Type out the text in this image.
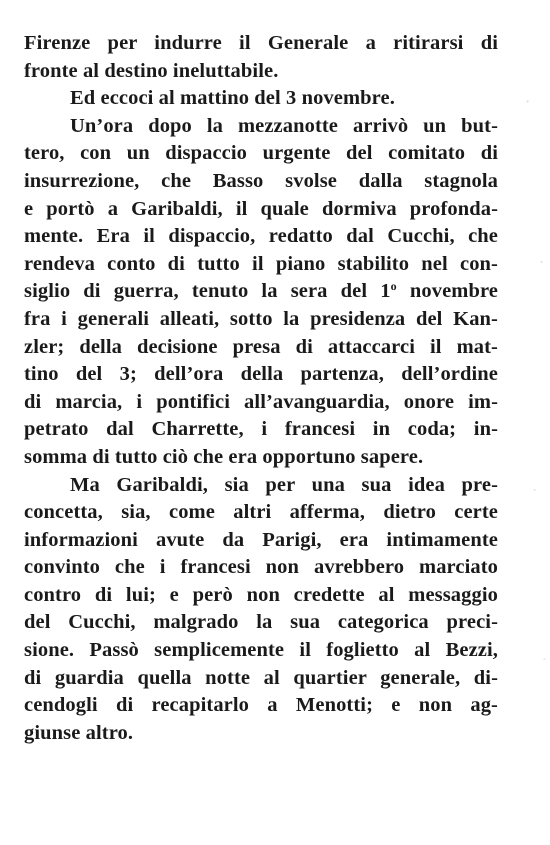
Firenze per indurre il Generale a ritirarsi di
fronte al destino ineluttabile.
Ed eccoci al mattino del 3 novembre.
Un’ora dopo la mezzanotte arrivò un but-
tero, con un dispaccio urgente del comitato di
insurrezione, che Basso svolse dalla stagnola
e portò a Garibaldi, il quale dormiva profonda-
mente. Era il dispaccio, redatto dal Cucchi, che
rendeva conto di tutto il piano stabilito nel con-
siglio di guerra, tenuto la sera del 1$^o$ novembre
fra i generali alleati, sotto la presidenza del Kan-
zler; della decisione presa di attaccarci il mat-
tino del 3; dell’ora della partenza, dell’ordine
di marcia, i pontifici all’avanguardia, onore im-
petrato dal Charrette, i francesi in coda; in-
somma di tutto ciò che era opportuno sapere.
Ma Garibaldi, sia per una sua idea pre-
concetta, sia, come altri afferma, dietro certe
informazioni avute da Parigi, era intimamente
convinto che i francesi non avrebbero marciato
contro di lui; e però non credette al messaggio
del Cucchi, malgrado la sua categorica preci-
sione. Passò semplicemente il foglietto al Bezzi,
di guardia quella notte al quartier generale, di-
cendogli di recapitarlo a Menotti; e non ag-
giunse altro.
